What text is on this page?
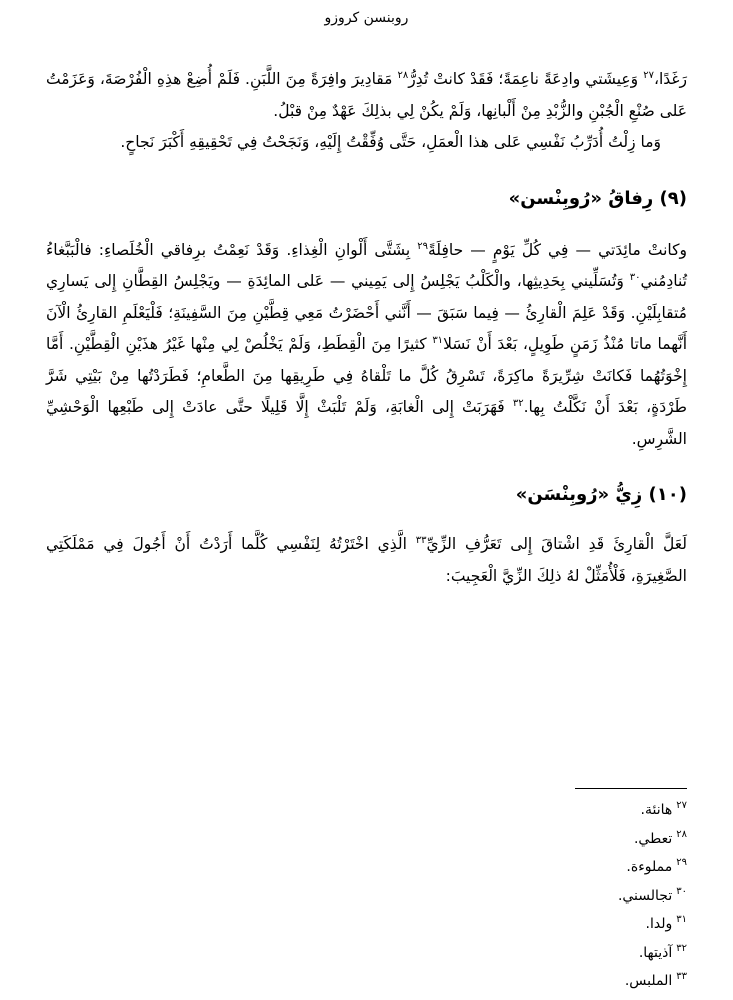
روبنسن كروزو

رَغَدًا،$^{٢٧}$ وَعِيشَتي وادِعَةً ناعِمَةً؛ فَقَدْ كانتْ تُدِرُّ$^{٢٨}$ مَقادِيرَ وافِرَةً مِنَ اللَّبَنِ. فَلَمْ أُضِعْ هذِهِ الْفُرْصَةَ، وَعَزَمْتُ عَلى صُنْعِ الْجُبْنِ والزُّبْدِ مِنْ أَلْبانِها، وَلَمْ يكُنْ لِي بذلِكَ عَهْدٌ مِنْ قبْلُ.

وَما زِلْتُ أُدَرِّبُ نَفْسِي عَلى هذا الْعمَلِ، حَتَّى وُفِّقْتُ إِلَيْهِ، وَنَجَحْتُ فِي تَحْقِيقِهِ أَكْبَرَ نَجاحٍ.

(٩) رِفاقُ «رُوبِنْسن»

وكانتْ مائِدَتي — فِي كُلِّ يَوْمٍ — حافِلَةً$^{٢٩}$ بِشَتَّى أَلْوانِ الْغِذاءِ. وَقَدْ نَعِمْتُ برِفاقي الْخُلَصاءِ: فالْبَبَّغاءُ تُنادِمُني$^{٣٠}$ وَتُسَلِّيني بِحَدِيثِها، والْكَلْبُ يَجْلِسُ إِلى يَمِيني — عَلى المائِدَةِ — ويَجْلِسُ القِطَّانِ إِلى يَسارِي مُتقابِلَيْنِ. وَقَدْ عَلِمَ الْقارِئُ — فِيما سَبَقَ — أَنَّني أَحْضَرْتُ مَعِي قِطَّيْنِ مِنَ السَّفِينَةِ؛ فَلْيَعْلَمِ القارِئُ الْآنَ أَنَّهما ماتا مُنْذُ زَمَنٍ طَوِيلٍ، بَعْدَ أَنْ نَسَلا$^{٣١}$ كثيرًا مِنَ الْقِطَطِ، وَلَمْ يَخْلُصْ لِي مِنْها غَيْرُ هذَيْنِ الْقِطَّيْنِ. أَمَّا إِخْوَتُهُما فَكانَتْ شِرِّيرَةً ماكِرَةً، تَسْرِقُ كُلَّ ما تَلْقاهُ فِي طَرِيقِها مِنَ الطَّعامِ؛ فَطَرَدْتُها مِنْ بَيْتِي شَرَّ طَرْدَةٍ، بَعْدَ أَنْ نَكَّلْتُ بِها.$^{٣٢}$ فَهَرَبَتْ إِلى الْغابَةِ، وَلَمْ تَلْبَثْ إِلَّا قَلِيلًا حتَّى عادَتْ إِلى طَبْعِها الْوَحْشِيِّ الشَّرِسِ.

(١٠) زِيُّ «رُوبِنْسَن»

لَعَلَّ الْقارِئَ قَدِ اشْتاقَ إِلى تَعَرُّفِ الزِّيِّ$^{٣٣}$ الَّذِي اخْتَرْتُهُ لِنَفْسِي كُلَّما أَرَدْتُ أَنْ أَجُولَ فِي مَمْلَكَتِي الصَّغِيرَةِ، فَلْأُمَثِّلْ لهُ ذلِكَ الزِّيَّ الْعَجِيبَ:

$^{٢٧}$هانئة.
$^{٢٨}$تعطي.
$^{٢٩}$مملوءة.
$^{٣٠}$تجالسني.
$^{٣١}$ولدا.
$^{٣٢}$آذيتها.
$^{٣٣}$الملبس.
